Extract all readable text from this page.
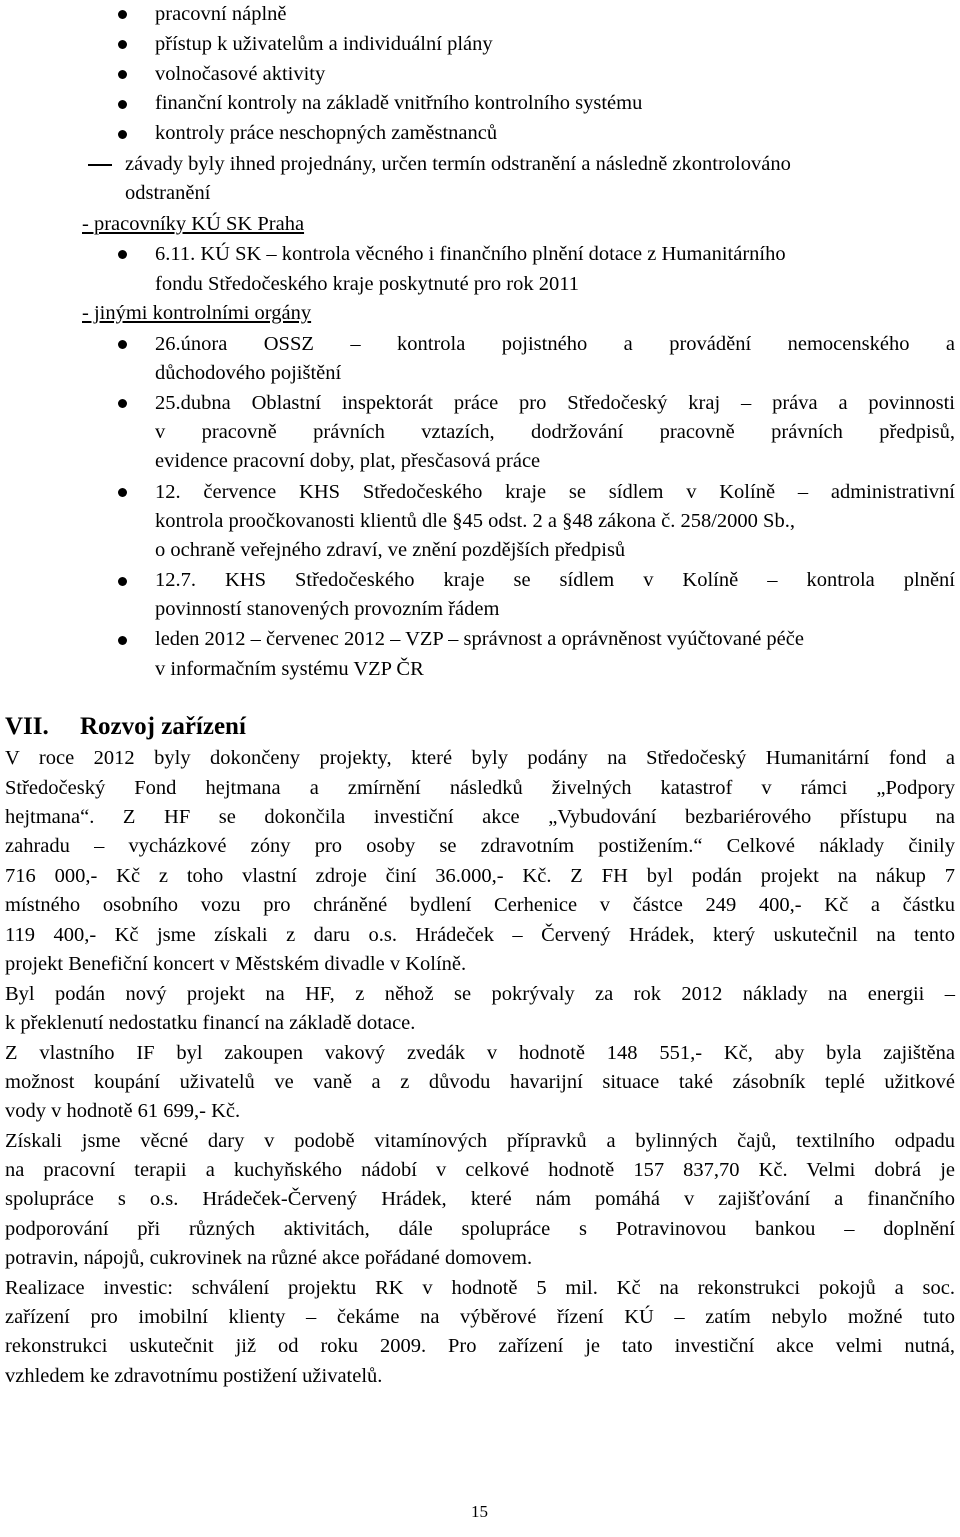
pracovní náplně
přístup k uživatelům a individuální plány
volnočasové aktivity
finanční kontroly na základě vnitřního kontrolního systému
kontroly práce neschopných zaměstnanců
závady byly ihned projednány, určen termín odstranění a následně zkontrolováno
odstranění
- pracovníky KÚ SK Praha
6.11. KÚ SK – kontrola věcného i finančního plnění dotace z Humanitárního
fondu Středočeského kraje poskytnuté pro rok 2011
- jinými kontrolními orgány
26.února OSSZ – kontrola pojistného a provádění nemocenského a
důchodového pojištění
25.dubna Oblastní inspektorát práce pro Středočeský kraj – práva a povinnosti
v pracovně právních vztazích, dodržování pracovně právních předpisů,
evidence pracovní doby, plat, přesčasová práce
12. července KHS Středočeského kraje se sídlem v Kolíně – administrativní
kontrola proočkovanosti klientů dle §45 odst. 2 a §48 zákona č. 258/2000 Sb.,
o ochraně veřejného zdraví, ve znění pozdějších předpisů
12.7. KHS Středočeského kraje se sídlem v Kolíně – kontrola plnění
povinností stanovených provozním řádem
leden 2012 – červenec 2012 – VZP – správnost a oprávněnost vyúčtované péče
v informačním systému VZP ČR
VII. Rozvoj zařízení
V roce 2012 byly dokončeny projekty, které byly podány na Středočeský Humanitární fond a
Středočeský Fond hejtmana a zmírnění následků živelných katastrof v rámci „Podpory
hejtmana“. Z HF se dokončila investiční akce „Vybudování bezbariérového přístupu na
zahradu – vycházkové zóny pro osoby se zdravotním postižením.“ Celkové náklady činily
716 000,- Kč z toho vlastní zdroje činí 36.000,- Kč. Z FH byl podán projekt na nákup 7
místného osobního vozu pro chráněné bydlení Cerhenice v částce 249 400,- Kč a částku
119 400,- Kč jsme získali z daru o.s. Hrádeček – Červený Hrádek, který uskutečnil na tento
projekt Benefiční koncert v Městském divadle v Kolíně.
Byl podán nový projekt na HF, z něhož se pokrývaly za rok 2012 náklady na energii –
k překlenutí nedostatku financí na základě dotace.
Z vlastního IF byl zakoupen vakový zvedák v hodnotě 148 551,- Kč, aby byla zajištěna
možnost koupání uživatelů ve vaně a z důvodu havarijní situace také zásobník teplé užitkové
vody v hodnotě 61 699,- Kč.
Získali jsme věcné dary v podobě vitamínových přípravků a bylinných čajů, textilního odpadu
na pracovní terapii a kuchyňského nádobí v celkové hodnotě 157 837,70 Kč. Velmi dobrá je
spolupráce s o.s. Hrádeček-Červený Hrádek, které nám pomáhá v zajišťování a finančního
podporování při různých aktivitách, dále spolupráce s Potravinovou bankou – doplnění
potravin, nápojů, cukrovinek na různé akce pořádané domovem.
Realizace investic: schválení projektu RK v hodnotě 5 mil. Kč na rekonstrukci pokojů a soc.
zařízení pro imobilní klienty – čekáme na výběrové řízení KÚ – zatím nebylo možné tuto
rekonstrukci uskutečnit již od roku 2009. Pro zařízení je tato investiční akce velmi nutná,
vzhledem ke zdravotnímu postižení uživatelů.
15
